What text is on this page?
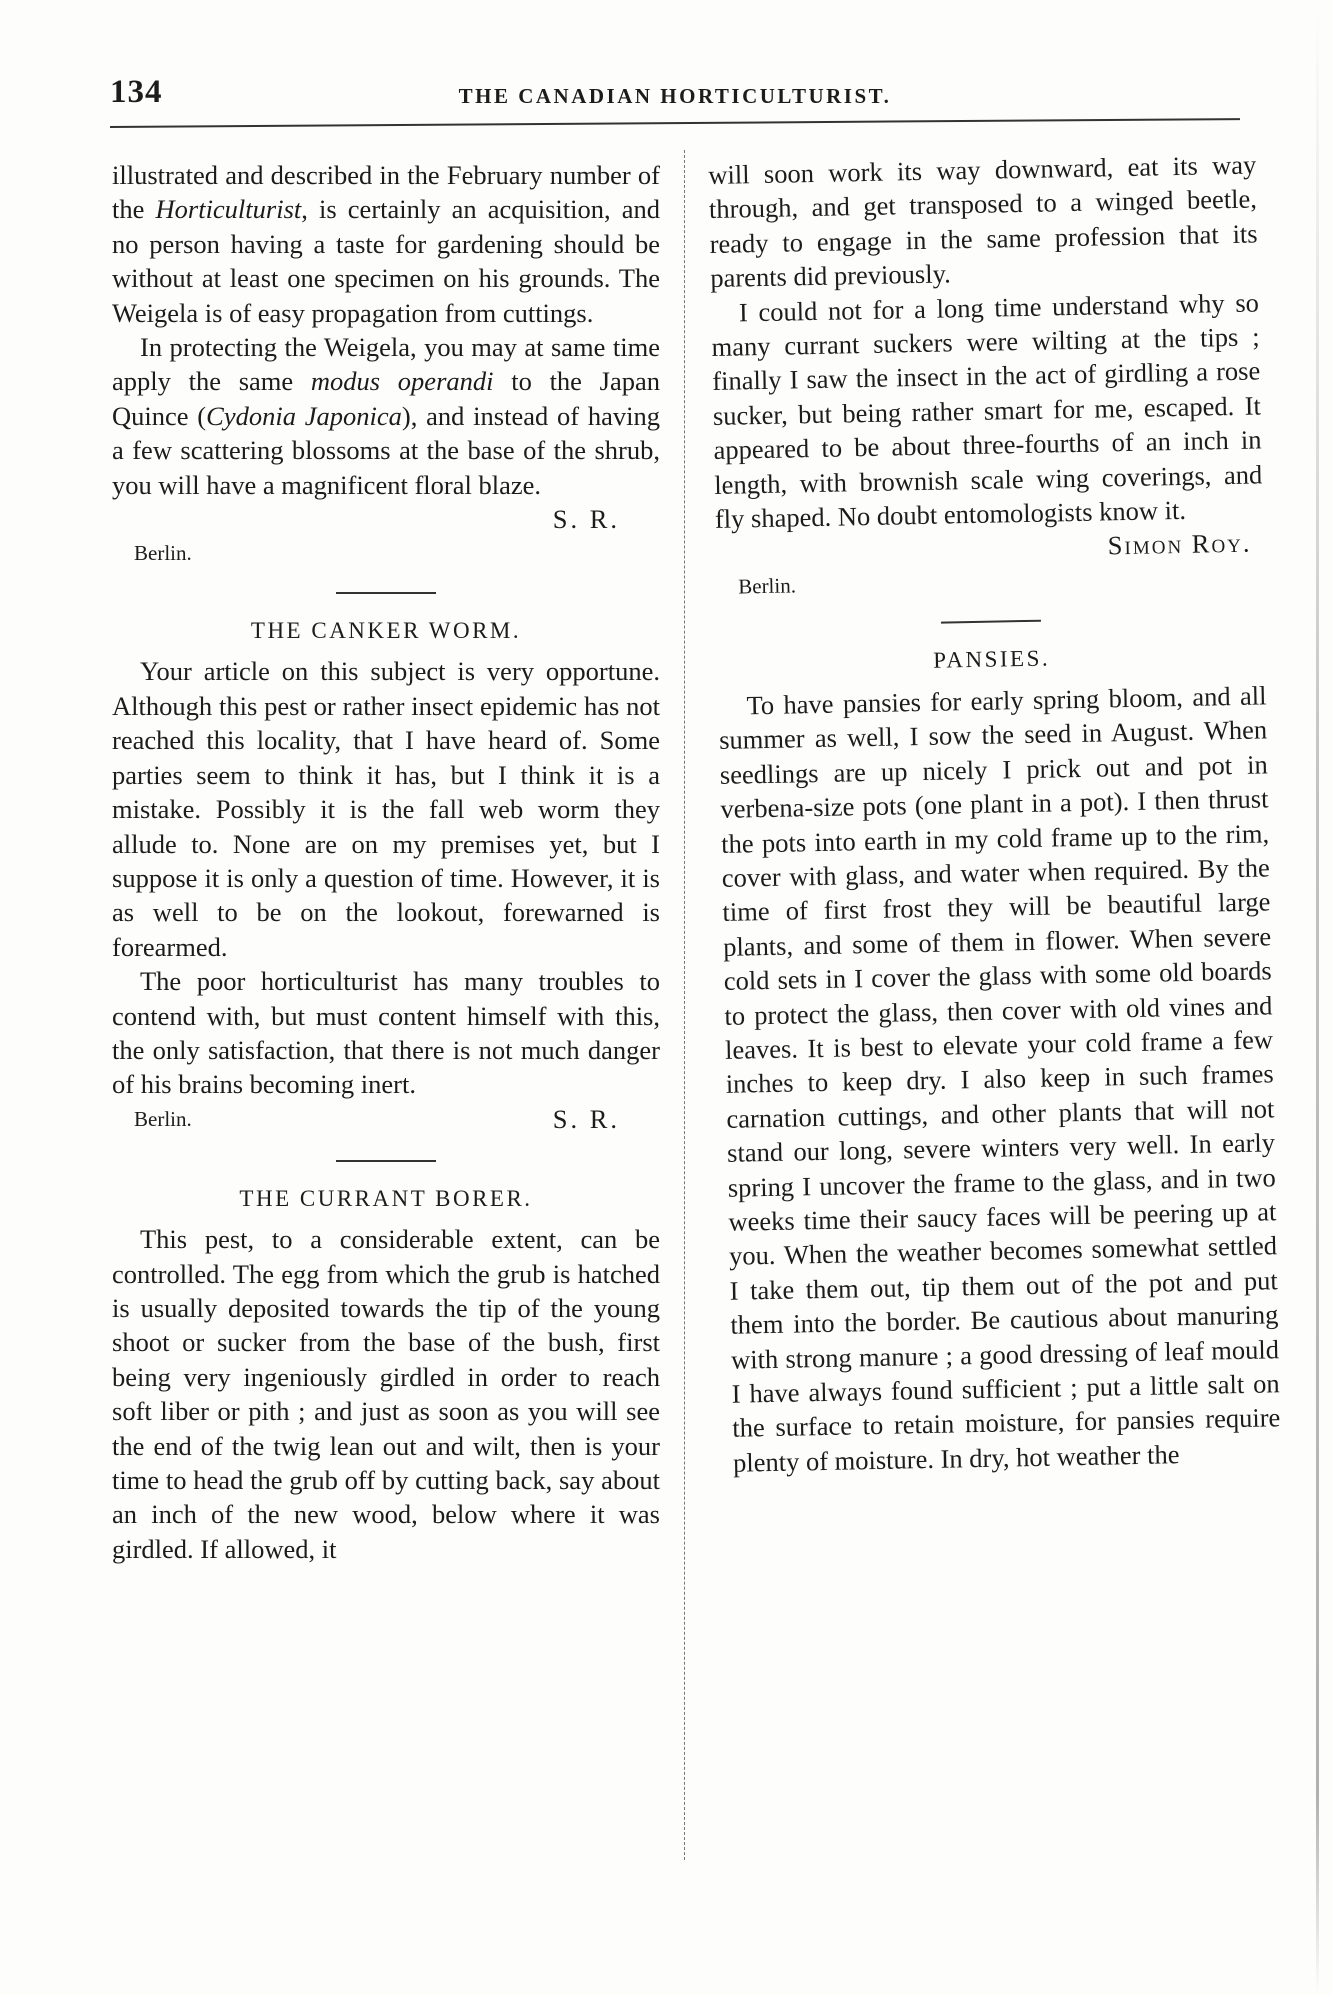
134	THE CANADIAN HORTICULTURIST.

illustrated and described in the February number of the Horticulturist, is certainly an acquisition, and no person having a taste for gardening should be without at least one specimen on his grounds. The Weigela is of easy propagation from cuttings.

In protecting the Weigela, you may at same time apply the same modus operandi to the Japan Quince (Cydonia Japonica), and instead of having a few scattering blossoms at the base of the shrub, you will have a magnificent floral blaze.

S. R.
Berlin.
THE CANKER WORM.

Your article on this subject is very opportune. Although this pest or rather insect epidemic has not reached this locality, that I have heard of. Some parties seem to think it has, but I think it is a mistake. Possibly it is the fall web worm they allude to. None are on my premises yet, but I suppose it is only a question of time. However, it is as well to be on the lookout, forewarned is forearmed.

The poor horticulturist has many troubles to contend with, but must content himself with this, the only satisfaction, that there is not much danger of his brains becoming inert.

Berlin.	S. R.
THE CURRANT BORER.

This pest, to a considerable extent, can be controlled. The egg from which the grub is hatched is usually deposited towards the tip of the young shoot or sucker from the base of the bush, first being very ingeniously girdled in order to reach soft liber or pith ; and just as soon as you will see the end of the twig lean out and wilt, then is your time to head the grub off by cutting back, say about an inch of the new wood, below where it was girdled. If allowed, it

will soon work its way downward, eat its way through, and get transposed to a winged beetle, ready to engage in the same profession that its parents did previously.

I could not for a long time understand why so many currant suckers were wilting at the tips ; finally I saw the insect in the act of girdling a rose sucker, but being rather smart for me, escaped. It appeared to be about three-fourths of an inch in length, with brownish scale wing coverings, and fly shaped. No doubt entomologists know it.

Simon Roy.
Berlin.
PANSIES.

To have pansies for early spring bloom, and all summer as well, I sow the seed in August. When seedlings are up nicely I prick out and pot in verbena-size pots (one plant in a pot). I then thrust the pots into earth in my cold frame up to the rim, cover with glass, and water when required. By the time of first frost they will be beautiful large plants, and some of them in flower. When severe cold sets in I cover the glass with some old boards to protect the glass, then cover with old vines and leaves. It is best to elevate your cold frame a few inches to keep dry. I also keep in such frames carnation cuttings, and other plants that will not stand our long, severe winters very well. In early spring I uncover the frame to the glass, and in two weeks time their saucy faces will be peering up at you. When the weather becomes somewhat settled I take them out, tip them out of the pot and put them into the border. Be cautious about manuring with strong manure ; a good dressing of leaf mould I have always found sufficient ; put a little salt on the surface to retain moisture, for pansies require plenty of moisture. In dry, hot weather the
